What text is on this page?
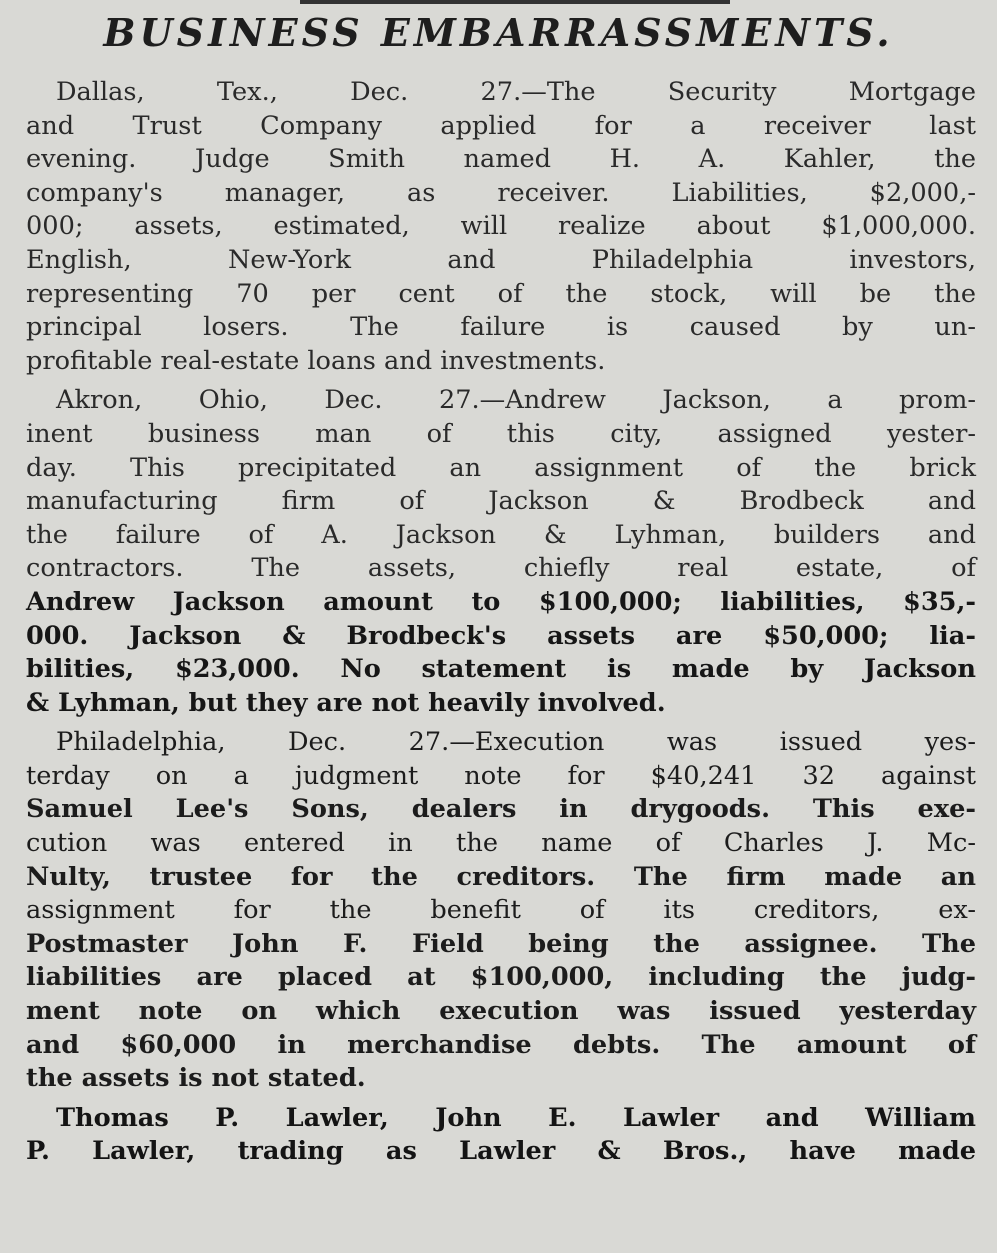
BUSINESS EMBARRASSMENTS.
Dallas, Tex., Dec. 27.—The Security Mortgage
and Trust Company applied for a receiver last
evening. Judge Smith named H. A. Kahler, the
company's manager, as receiver. Liabilities, $2,000,-
000; assets, estimated, will realize about $1,000,000.
English, New-York and Philadelphia investors,
representing 70 per cent of the stock, will be the
principal losers. The failure is caused by un-
profitable real-estate loans and investments.
Akron, Ohio, Dec. 27.—Andrew Jackson, a prom-
inent business man of this city, assigned yester-
day. This precipitated an assignment of the brick
manufacturing firm of Jackson & Brodbeck and
the failure of A. Jackson & Lyhman, builders and
contractors. The assets, chiefly real estate, of
Andrew Jackson amount to $100,000; liabilities, $35,-
000. Jackson & Brodbeck's assets are $50,000; lia-
bilities, $23,000. No statement is made by Jackson
& Lyhman, but they are not heavily involved.
Philadelphia, Dec. 27.—Execution was issued yes-
terday on a judgment note for $40,241 32 against
Samuel Lee's Sons, dealers in drygoods. This exe-
cution was entered in the name of Charles J. Mc-
Nulty, trustee for the creditors. The firm made an
assignment for the benefit of its creditors, ex-
Postmaster John F. Field being the assignee. The
liabilities are placed at $100,000, including the judg-
ment note on which execution was issued yesterday
and $60,000 in merchandise debts. The amount of
the assets is not stated.
Thomas P. Lawler, John E. Lawler and William
P. Lawler, trading as Lawler & Bros., have made
